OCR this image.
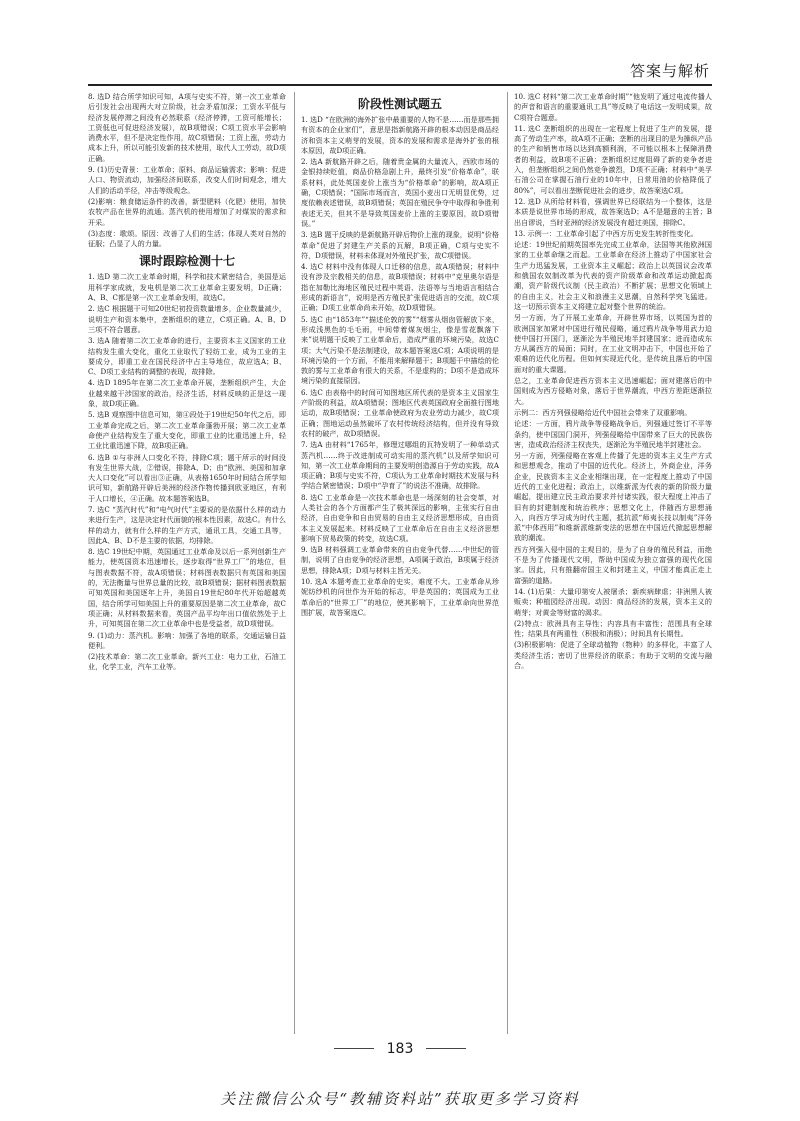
答案与解析
8. 选D 结合所学知识可知，A项与史实不符，第一次工业革命后引发社会出现两大对立阶级，社会矛盾加深；工资水平低与经济发展停滞之间没有必然联系（经济停滞，工资可能增长；工资低也可促进经济发展），故B项错误；C项工资水平会影响消费水平，但不是决定性作用，故C项错误；工资上涨，劳动力成本上升，所以可能引发新的技术使用，取代人工劳动，故D项正确。
9. (1)历史背景：工业革命；原料、商品运输需求；影响：促进人口、物资流动，加强经济间联系，改变人们时间观念，增大人们的活动半径，冲击等级观念。
(2)影响：粮食储运条件的改善，新型肥料（化肥）使用，加快农牧产品在世界的流通。蒸汽机的使用增加了对煤炭的需求和开采。
(3)态度：歌颂。原因：改善了人们的生活；体现人类对自然的征服；凸显了人的力量。
课时跟踪检测十七
1. 选D 第二次工业革命时期，科学和技术紧密结合，美国是运用科学家成就，发电机是第二次工业革命主要发明，D正确；A、B、C都是第一次工业革命发明，故选C。
2. 选C 根据题干可知20世纪初投资数量增多，企业数量减少，说明生产和资本集中，垄断组织的建立，C项正确。A、B、D三项不符合题意。
3. 选A 随着第二次工业革命的进行，主要资本主义国家的工业结构发生重大变化，重化工业取代了轻纺工业，成为工业的主要成分，即重工业在国民经济中占主导地位，故应选A；B、C、D项工业结构的调整的表现，故排除。
4. 选D 1895年在第二次工业革命开展，垄断组织产生，大企业越来越干涉国家的政治，经济生活，材料反映的正是这一现象，故D项正确。
5. 选B 观察图中信息可知，第④段处于19世纪50年代之后，即工业革命完成之后，第二次工业革命蓬勃开展；第二次工业革命使产业结构发生了重大变化，即重工业的比重迅速上升，轻工业比重迅速下降，故B项正确。
6. 选B ①与非洲人口变化不符，排除C项；题干所示的时间没有发生世界大战，②错误，排除A、D；由“欧洲、美国和加拿大人口变化”可以看出③正确，从表格1650年时间结合所学知识可知，新航路开辟后美洲的经济作物传播到欧亚地区，有利于人口增长，④正确。故本题答案选B。
7. 选C “蒸汽时代”和“电气时代”主要说的是依据什么样的动力来进行生产，这是决定时代面貌的根本性因素，故选C。有什么样的动力，就有什么样的生产方式，通讯工具，交通工具等，因此A、B、D不是主要的依据，均排除。
8. 选C 19世纪中期，英国通过工业革命及以后一系列创新生产能力，使英国资本迅速增长，逐步取得“世界工厂”的地位，但与图表数据不符，故A项错误；材料图表数据只有英国和美国的，无法衡量与世界总量的比较，故B项错误；据材料图表数据可知英国和美国逐年上升，美国自19世纪80年代开始超越英国，结合所学可知美国上升的重要原因是第二次工业革命，故C项正确；从材料数据来看，英国产品平均年出口值依然处于上升，可知英国在第二次工业革命中也是受益者，故D项错误。
9. (1)动力：蒸汽机。影响：加强了各地的联系，交通运输日益便利。
(2)技术革命：第二次工业革命。新兴工业：电力工业，石油工业，化学工业，汽车工业等。
阶段性测试题五
1. 选D “在欧洲的海外扩张中最重要的人物不是……而是那些拥有资本的企业家们”，意思是指新航路开辟的根本动因是商品经济和资本主义萌芽的发展，资本的发展和需求是海外扩张的根本原因，故D项正确。
2. 选A 新航路开辟之后，随着贵金属的大量流入，西欧市场的金银持续贬值，商品价格急剧上升，最终引发“价格革命”，联系材料，此处英国麦价上涨当为“价格革命”的影响，故A项正确，C项错误；“国际市场而言，英国小麦出口无明显优势，过度依赖表述错误，故B项错误；英国在殖民争夺中取得和争胜利表述无关，但其不是导致英国麦价上涨的主要原因，故D项错误。”
3. 选B 题干反映的是新航路开辟后物价上涨的现象，说明“价格革命”促进了封建生产关系的瓦解，B项正确，C项与史实不符，D项错误，材料未体现对外殖民扩张，故C项错误。
4. 选C 材料中没有体现人口迁移的信息，故A项错误；材料中没有涉及宗教相关的信息，故B项错误；材料中“克里奥尔语是指在加勒比海地区殖民过程中英语、法语等与当地语言相结合形成的新语言”，说明是西方殖民扩张促进语言的交流，故C项正确；D项工业革命尚未开始，故D项错误。
5. 选C 由“1853年”“描述伦敦的雾”“烟雾从烟囱管解放下来，形成浅黑色的毛毛雨，中间带着煤灰烟尘，像是雪花飘落下来”说明题干反映了工业革命后，造成严重的环境污染，故选C项；大气污染不是法制建设，故本题答案选C项；A项说明的是环境污染的一个方面，不能用来解释题干；B项题干中描绘的伦敦的雾与工业革命有很大的关系，不是虚构的；D项不是造成环境污染的直接原因。
6. 选C 由表格中的时间可知图地区所代表的是资本主义国家生产阶级的利益，故A项错误；图地区代表英国政府全面推行图地运动，故B项错误；工业革命使政府为农业劳动力减少，故C项正确；图地运动虽然破坏了农村传统经济结构，但并没有导致农村的破产，故D项错误。
7. 选A 由材料“1765年，修理过哪组的瓦特发明了一种单动式蒸汽机……终于改进制成可动实用的蒸汽机”以及所学知识可知，第一次工业革命期间的主要发明创造源自于劳动实践，故A项正确；B项与史实不符，C项认为工业革命时期技术发展与科学结合紧密错误；D项中“孕育了”的说法不准确，故排除。
8. 选C 工业革命是一次技术革命也是一场深刻的社会变革，对人类社会的各个方面都产生了极其深远的影响，主张实行自由经济，自由竞争和自由贸易的自由主义经济思想形成，自由资本主义发展起来。材料反映了工业革命后在自由主义经济思想影响下贸易政策的转变，故选C项。
9. 选B 材料强调工业革命带来的自由竞争代替……中世纪的管制，说明了自由竞争的经济思想，A项属于政治，B项属于经济思想，排除A项；D项与材料主旨无关。
10. 选A 本题考查工业革命的史实，难度不大。工业革命从珍妮纺纱机的问世作为开始的标志，甲是英国的；英国成为工业革命后的“世界工厂”的地位，使其影响下，工业革命向世界范围扩展，故答案选C。
10. 选C 材料“第二次工业革命时期”“他发明了通过电流传播人的声音和语言的重要通讯工具”等反映了电话这一发明成果，故C项符合题意。
11. 选C 垄断组织的出现在一定程度上促进了生产的发展，提高了劳动生产率，故A项不正确；垄断的出现目的是为操纵产品的生产和销售市场以达到高额利润，不可能以根本上保障消费者的利益，故B项不正确；垄断组织过度阻碍了新的竞争者进入，但垄断组织之间仍然竞争激烈，D项不正确；材料中“美孚石油公司在掌握石油行业的10年中，日常用油的价格降低了80%”，可以看出垄断促进社会的进步，故答案选C项。
12. 选D 从所给材料看，强调世界已经联结为一个整体，这是本质是说世界市场的形成，故答案选D；A不是题意的主旨；B出自谬说，当时亚洲的经济发展没有超过美国，排除C。
13. 示例一：工业革命引起了中西方历史发生转折性变化。
论述：19世纪前期英国率先完成工业革命，法国等其他欧洲国家的工业革命继之而起。工业革命在经济上推动了中国家社会生产力迅猛发展，工业资本主义崛起；政治上以英国议会改革和俄国农奴制改革为代表的资产阶级革命和改革运动掀起高潮，资产阶级代议制（民主政治）不断扩展；思想文化领域上的自由主义，社会主义和浪漫主义思潮，自然科学突飞猛进。这一切预示资本主义将建立起对整个世界的统治。
另一方面，为了开展工业革命，开辟世界市场，以英国为首的欧洲国家加紧对中国进行殖民侵略，通过鸦片战争等用武力迫使中国打开国门，逐渐沦为半殖民地半封建国家；进而造成东方从属西方的局面；同时，在工业文明冲击下，中国也开始了艰难的近代化历程。但如何实现近代化，是传统且落后的中国面对的重大课题。
总之，工业革命促进西方资本主义迅速崛起；面对建落后的中国则成为西方侵略对象，落后于世界潮流，中西方差距逐渐拉大。
示例二：西方列强侵略给近代中国社会带来了双重影响。
论述：一方面，鸦片战争等侵略战争后，列强通过签订不平等条约，使中国国门洞开，列强侵略给中国带来了巨大的民族伤害，造成政治经济主权丧失，逐渐沦为半殖民地半封建社会。
另一方面，列强侵略在客观上传播了先进的资本主义生产方式和思想观念，推动了中国的近代化。经济上，外商企业，洋务企业，民族资本主义企业相继出现，在一定程度上推动了中国近代的工业化进程；政治上，以维新派为代表的新的阶级力量崛起，提出建立民主政治要求并付诸实践，很大程度上冲击了旧有的封建制度和统治秩序；思想文化上，伴随西方思想涌入，向西方学习成为时代主题，抵抗派“师夷长技以制夷”洋务派“中体西用”和维新派维新变法的思想在中国近代掀起思想解放的潮流。
西方列强入侵中国的主观目的，是为了自身的殖民利益，而绝不是为了传播现代文明，帮助中国成为独立富强的现代化国家。因此，只有推翻帝国主义和封建主义，中国才能真正走上富强的道路。
14. (1)后果：大量印第安人被屠杀；新疾病肆虐；非洲黑人被贩卖；种植园经济出现。动因：商品经济的发展，资本主义的萌芽；对黄金等财富的渴求。
(2)特点：欧洲具有主导性；内容具有丰富性；范围具有全球性；结果具有两重性（积极和消极）；时间具有长期性。
(3)积极影响：促进了全球动植物（物种）的多样化，丰富了人类经济生活；密切了世界经济的联系；有助于文明的交流与融合。
183
关注微信公众号“教辅资料站”获取更多学习资料
